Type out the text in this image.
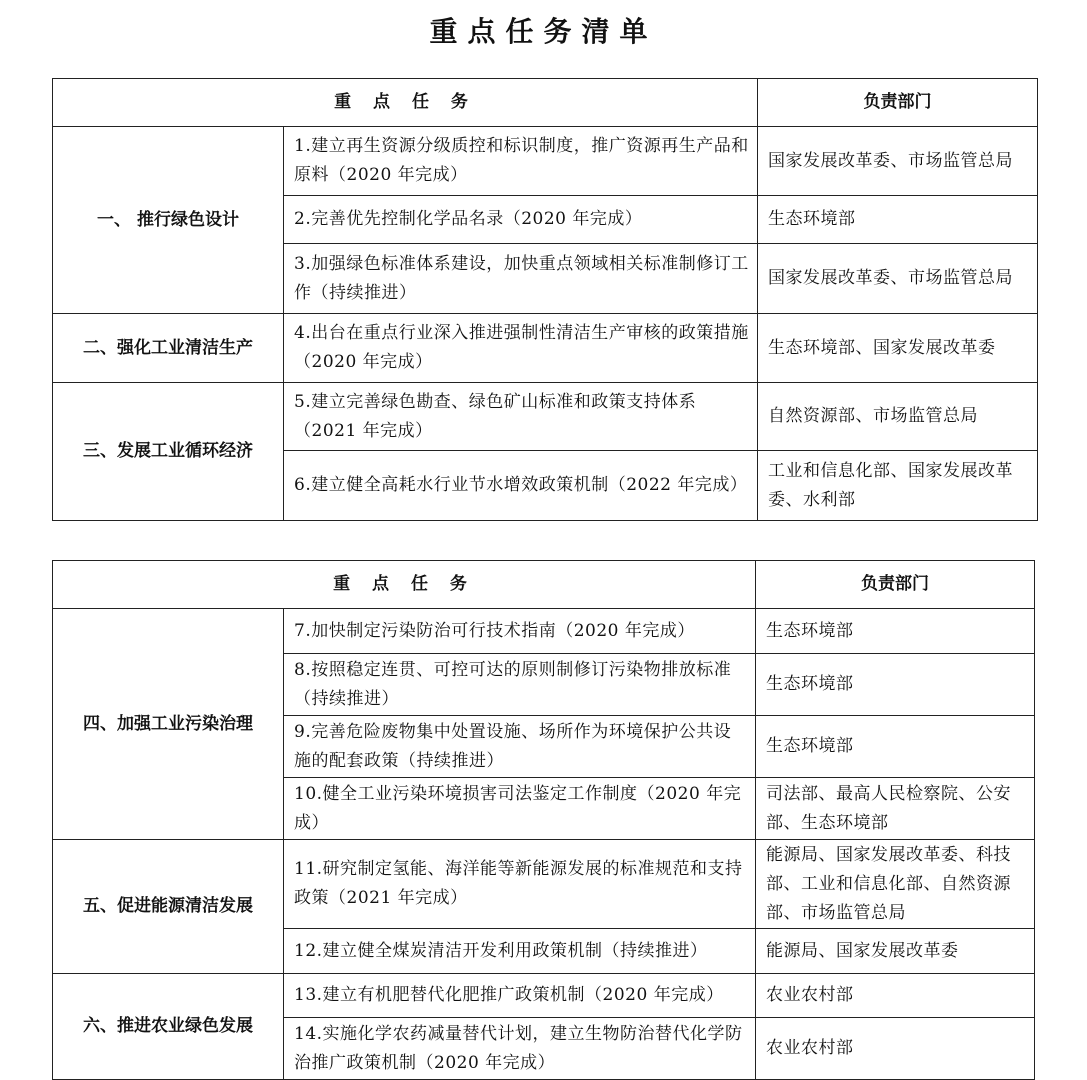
重点任务清单
重 点 任 务		负责部门
一、 推行绿色设计	1.建立再生资源分级质控和标识制度，推广资源再生产品和原料（2020 年完成）	国家发展改革委、市场监管总局
	2.完善优先控制化学品名录（2020 年完成）	生态环境部
	3.加强绿色标准体系建设，加快重点领域相关标准制修订工作（持续推进）	国家发展改革委、市场监管总局
二、强化工业清洁生产	4.出台在重点行业深入推进强制性清洁生产审核的政策措施（2020 年完成）	生态环境部、国家发展改革委
三、发展工业循环经济	5.建立完善绿色勘查、绿色矿山标准和政策支持体系（2021 年完成）	自然资源部、市场监管总局
	6.建立健全高耗水行业节水增效政策机制（2022 年完成）	工业和信息化部、国家发展改革委、水利部
重 点 任 务		负责部门
四、加强工业污染治理	7.加快制定污染防治可行技术指南（2020 年完成）	生态环境部
	8.按照稳定连贯、可控可达的原则制修订污染物排放标准（持续推进）	生态环境部
	9.完善危险废物集中处置设施、场所作为环境保护公共设施的配套政策（持续推进）	生态环境部
	10.健全工业污染环境损害司法鉴定工作制度（2020 年完成）	司法部、最高人民检察院、公安部、生态环境部
五、促进能源清洁发展	11.研究制定氢能、海洋能等新能源发展的标准规范和支持政策（2021 年完成）	能源局、国家发展改革委、科技部、工业和信息化部、自然资源部、市场监管总局
	12.建立健全煤炭清洁开发利用政策机制（持续推进）	能源局、国家发展改革委
六、推进农业绿色发展	13.建立有机肥替代化肥推广政策机制（2020 年完成）	农业农村部
	14.实施化学农药减量替代计划，建立生物防治替代化学防治推广政策机制（2020 年完成）	农业农村部
